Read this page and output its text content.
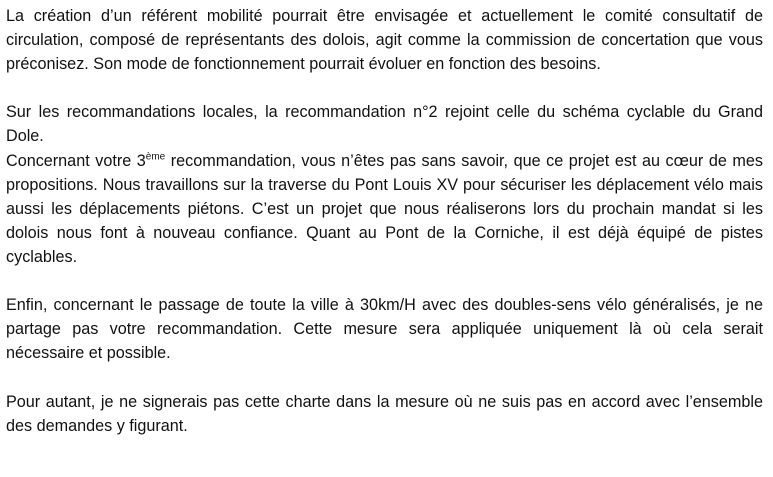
La création d’un référent mobilité pourrait être envisagée et actuellement le comité consultatif de circulation, composé de représentants des dolois, agit comme la commission de concertation que vous préconisez. Son mode de fonctionnement pourrait évoluer en fonction des besoins.

Sur les recommandations locales, la recommandation n°2 rejoint celle du schéma cyclable du Grand Dole.

Concernant votre 3ème recommandation, vous n’êtes pas sans savoir, que ce projet est au cœur de mes propositions. Nous travaillons sur la traverse du Pont Louis XV pour sécuriser les déplacement vélo mais aussi les déplacements piétons. C’est un projet que nous réaliserons lors du prochain mandat si les dolois nous font à nouveau confiance. Quant au Pont de la Corniche, il est déjà équipé de pistes cyclables.

Enfin, concernant le passage de toute la ville à 30km/H avec des doubles-sens vélo généralisés, je ne partage pas votre recommandation. Cette mesure sera appliquée uniquement là où cela serait nécessaire et possible.

Pour autant, je ne signerais pas cette charte dans la mesure où ne suis pas en accord avec l’ensemble des demandes y figurant.
